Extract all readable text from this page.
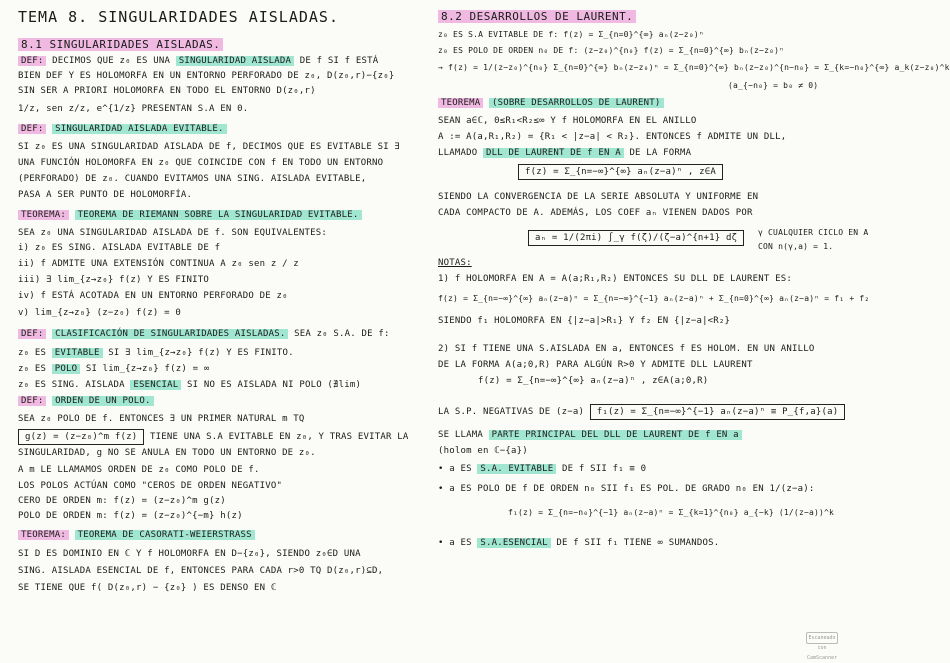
TEMA 8. SINGULARIDADES AISLADAS.
8.1 SINGULARIDADES AISLADAS.
DEF: DECIMOS QUE z₀ ES UNA SINGULARIDAD AISLADA DE f SI f ESTÁ
BIEN DEF Y ES HOLOMORFA EN UN ENTORNO PERFORADO DE z₀, D(z₀,r)−{z₀}
SIN SER A PRIORI HOLOMORFA EN TODO EL ENTORNO D(z₀,r)
1/z, sen z/z, e^{1/z} PRESENTAN S.A EN 0.
DEF: SINGULARIDAD AISLADA EVITABLE.
SI z₀ ES UNA SINGULARIDAD AISLADA DE f, DECIMOS QUE ES EVITABLE SI ∃
UNA FUNCIÓN HOLOMORFA EN z₀ QUE COINCIDE CON f EN TODO UN ENTORNO
(PERFORADO) DE z₀. CUANDO EVITAMOS UNA SING. AISLADA EVITABLE,
PASA A SER PUNTO DE HOLOMORFÍA.
TEOREMA: TEOREMA DE RIEMANN SOBRE LA SINGULARIDAD EVITABLE.
SEA z₀ UNA SINGULARIDAD AISLADA DE f. SON EQUIVALENTES:
i) z₀ ES SING. AISLADA EVITABLE DE f
ii) f ADMITE UNA EXTENSIÓN CONTINUA A z₀ sen z / z
iii) ∃ lim_{z→z₀} f(z) Y ES FINITO
iv) f ESTÁ ACOTADA EN UN ENTORNO PERFORADO DE z₀
v) lim_{z→z₀} (z−z₀) f(z) = 0
DEF: CLASIFICACIÓN DE SINGULARIDADES AISLADAS. SEA z₀ S.A. DE f:
z₀ ES EVITABLE SI ∃ lim_{z→z₀} f(z) Y ES FINITO.
z₀ ES POLO SI lim_{z→z₀} f(z) = ∞
z₀ ES SING. AISLADA ESENCIAL SI NO ES AISLADA NI POLO (∄lim)
DEF: ORDEN DE UN POLO.
SEA z₀ POLO DE f. ENTONCES ∃ UN PRIMER NATURAL m TQ
g(z) = (z−z₀)^m f(z) TIENE UNA S.A EVITABLE EN z₀, Y TRAS EVITAR LA
SINGULARIDAD, g NO SE ANULA EN TODO UN ENTORNO DE z₀.
A m LE LLAMAMOS ORDEN DE z₀ COMO POLO DE f.
LOS POLOS ACTÚAN COMO "CEROS DE ORDEN NEGATIVO"
CERO DE ORDEN m: f(z) = (z−z₀)^m g(z)
POLO DE ORDEN m: f(z) = (z−z₀)^{−m} h(z)
TEOREMA: TEOREMA DE CASORATI-WEIERSTRASS
SI D ES DOMINIO EN ℂ Y f HOLOMORFA EN D−{z₀}, SIENDO z₀∈D UNA
SING. AISLADA ESENCIAL DE f, ENTONCES PARA CADA r>0 TQ D(z₀,r)⊆D,
SE TIENE QUE f( D(z₀,r) − {z₀} ) ES DENSO EN ℂ
8.2 DESARROLLOS DE LAURENT.
z₀ ES S.A EVITABLE DE f: f(z) = Σ_{n=0}^{∞} aₙ(z−z₀)ⁿ
z₀ ES POLO DE ORDEN n₀ DE f: (z−z₀)^{n₀} f(z) = Σ_{n=0}^{∞} bₙ(z−z₀)ⁿ
→ f(z) = 1/(z−z₀)^{n₀} Σ_{n=0}^{∞} bₙ(z−z₀)ⁿ = Σ_{n=0}^{∞} bₙ(z−z₀)^{n−n₀} = Σ_{k=−n₀}^{∞} a_k(z−z₀)^k
(a_{−n₀} = b₀ ≠ 0)
TEOREMA (SOBRE DESARROLLOS DE LAURENT)
SEAN a∈ℂ, 0≤R₁<R₂≤∞ Y f HOLOMORFA EN EL ANILLO
A := A(a,R₁,R₂) = {R₁ < |z−a| < R₂}. ENTONCES f ADMITE UN DLL,
LLAMADO DLL DE LAURENT DE f EN A DE LA FORMA
f(z) = Σ_{n=−∞}^{∞} aₙ(z−a)ⁿ , z∈A
SIENDO LA CONVERGENCIA DE LA SERIE ABSOLUTA Y UNIFORME EN
CADA COMPACTO DE A. ADEMÁS, LOS COEF aₙ VIENEN DADOS POR
aₙ = 1/(2πi) ∫_γ f(ζ)/(ζ−a)^{n+1} dζ
γ CUALQUIER CICLO EN A
CON n(γ,a) = 1.
NOTAS:
1) f HOLOMORFA EN A = A(a;R₁,R₂) ENTONCES SU DLL DE LAURENT ES:
f(z) = Σ_{n=−∞}^{∞} aₙ(z−a)ⁿ = Σ_{n=−∞}^{−1} aₙ(z−a)ⁿ + Σ_{n=0}^{∞} aₙ(z−a)ⁿ = f₁ + f₂
SIENDO f₁ HOLOMORFA EN {|z−a|>R₁} Y f₂ EN {|z−a|<R₂}
2) SI f TIENE UNA S.AISLADA EN a, ENTONCES f ES HOLOM. EN UN ANILLO
DE LA FORMA A(a;0,R) PARA ALGÚN R>0 Y ADMITE DLL LAURENT
f(z) = Σ_{n=−∞}^{∞} aₙ(z−a)ⁿ , z∈A(a;0,R)
LA S.P. NEGATIVAS DE (z−a) f₁(z) = Σ_{n=−∞}^{−1} aₙ(z−a)ⁿ ≡ P_{f,a}(a)
SE LLAMA PARTE PRINCIPAL DEL DLL DE LAURENT DE f EN a
(holom en ℂ−{a})
• a ES S.A. EVITABLE DE f SII f₁ ≡ 0
• a ES POLO DE f DE ORDEN n₀ SII f₁ ES POL. DE GRADO n₀ EN 1/(z−a):
f₁(z) = Σ_{n=−n₀}^{−1} aₙ(z−a)ⁿ = Σ_{k=1}^{n₀} a_{−k} (1/(z−a))^k
• a ES S.A.ESENCIAL DE f SII f₁ TIENE ∞ SUMANDOS.
Escaneado con CamScanner
